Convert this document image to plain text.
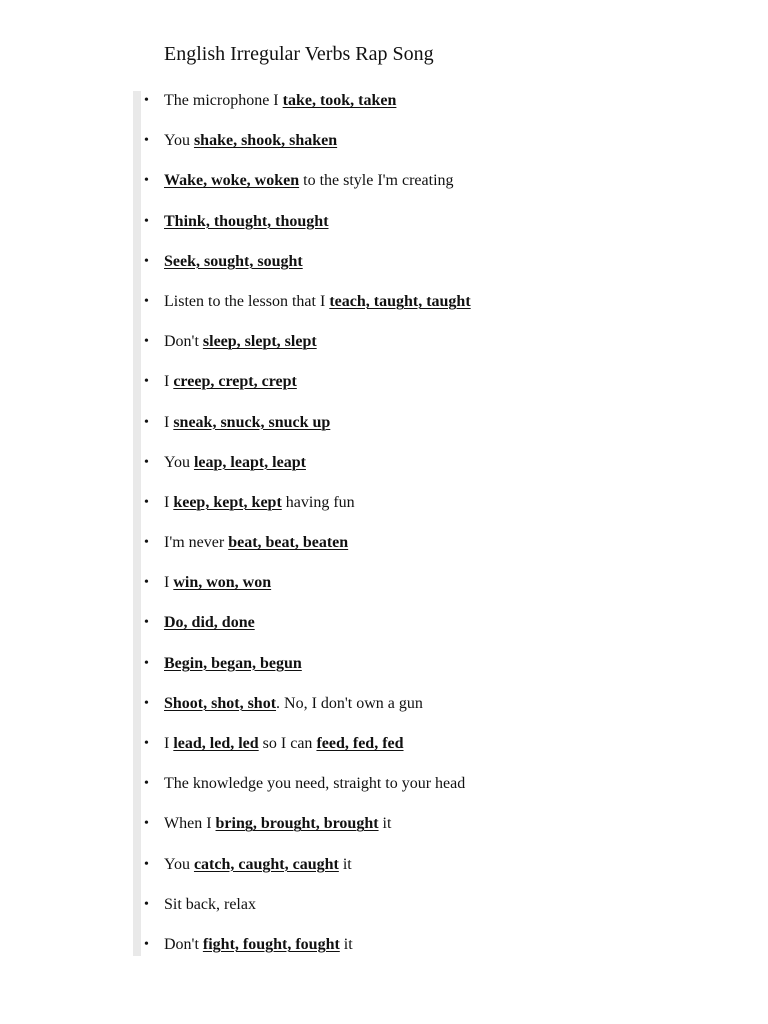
English Irregular Verbs Rap Song
• The microphone I take, took, taken
• You shake, shook, shaken
• Wake, woke, woken to the style I'm creating
• Think, thought, thought
• Seek, sought, sought
• Listen to the lesson that I teach, taught, taught
• Don't sleep, slept, slept
• I creep, crept, crept
• I sneak, snuck, snuck up
• You leap, leapt, leapt
• I keep, kept, kept having fun
• I'm never beat, beat, beaten
• I win, won, won
• Do, did, done
• Begin, began, begun
• Shoot, shot, shot. No, I don't own a gun
• I lead, led, led so I can feed, fed, fed
• The knowledge you need, straight to your head
• When I bring, brought, brought it
• You catch, caught, caught it
• Sit back, relax
• Don't fight, fought, fought it
